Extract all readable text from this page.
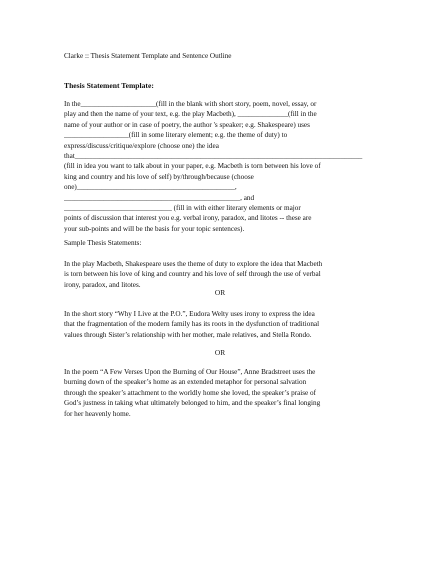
Clarke :: Thesis Statement Template and Sentence Outline
Thesis Statement Template:
In the_____________________(fill in the blank with short story, poem, novel, essay, or
play and then the name of your text, e.g. the play Macbeth), ______________(fill in the
name of your author or in case of poetry, the author 's speaker; e.g. Shakespeare) uses
__________________(fill in some literary element; e.g. the theme of duty) to
express/discuss/critique/explore (choose one) the idea
that________________________________________________________________________________
(fill in idea you want to talk about in your paper, e.g. Macbeth is torn between his love of
king and country and his love of self) by/through/because (choose
one)____________________________________________,
_________________________________________________, and
______________________________ (fill in with either literary elements or major
points of discussion that interest you e.g. verbal irony, paradox, and litotes -- these are
your sub-points and will be the basis for your topic sentences).
Sample Thesis Statements:
In the play Macbeth, Shakespeare uses the theme of duty to explore the idea that Macbeth
is torn between his love of king and country and his love of self through the use of verbal
irony, paradox, and litotes.
OR
In the short story “Why I Live at the P.O.”, Eudora Welty uses irony to express the idea
that the fragmentation of the modern family has its roots in the dysfunction of traditional
values through Sister’s relationship with her mother, male relatives, and Stella Rondo.
OR
In the poem “A Few Verses Upon the Burning of Our House”, Anne Bradstreet uses the
burning down of the speaker’s home as an extended metaphor for personal salvation
through the speaker’s attachment to the worldly home she loved, the speaker’s praise of
God’s justness in taking what ultimately belonged to him, and the speaker’s final longing
for her heavenly home.
